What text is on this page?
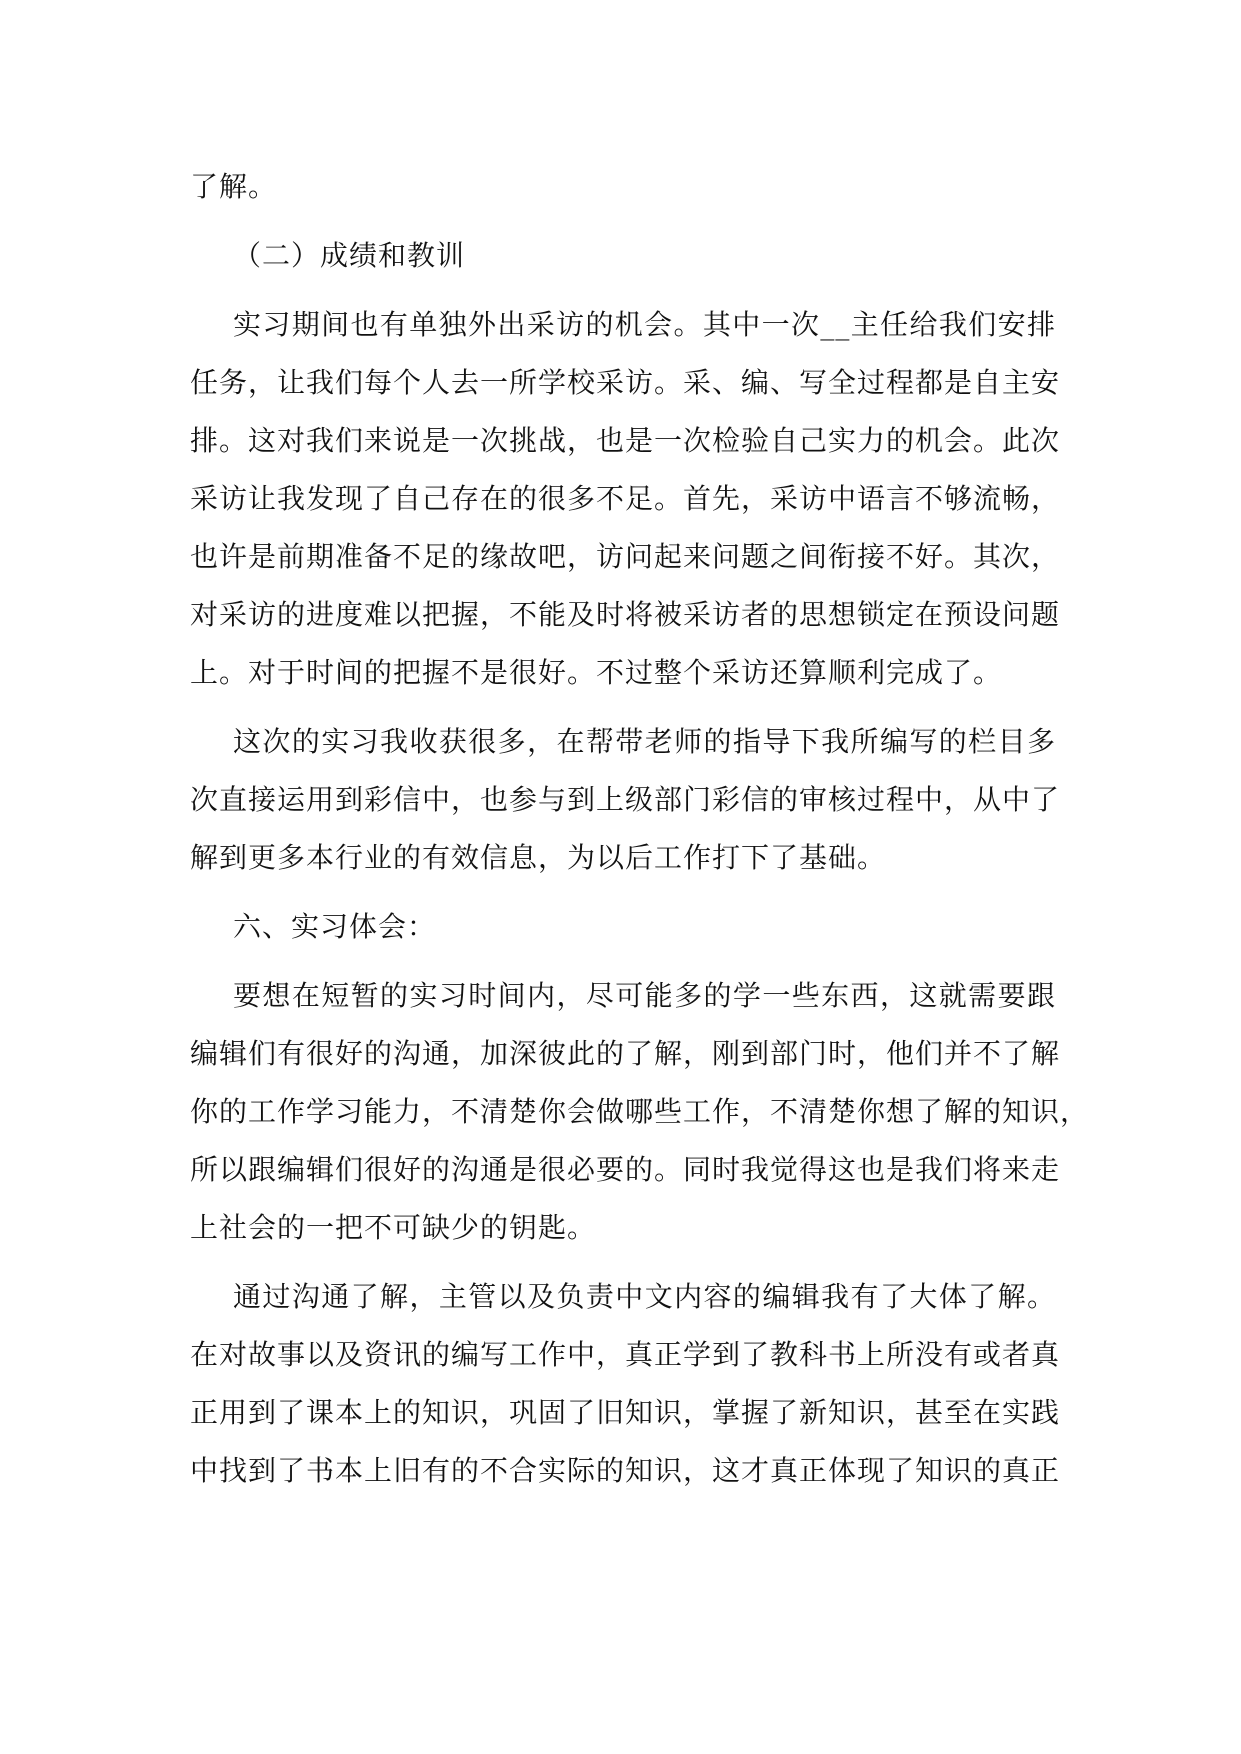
了解。
（二）成绩和教训
实习期间也有单独外出采访的机会。其中一次__主任给我们安排
任务，让我们每个人去一所学校采访。采、编、写全过程都是自主安
排。这对我们来说是一次挑战，也是一次检验自己实力的机会。此次
采访让我发现了自己存在的很多不足。首先，采访中语言不够流畅，
也许是前期准备不足的缘故吧，访问起来问题之间衔接不好。其次，
对采访的进度难以把握，不能及时将被采访者的思想锁定在预设问题
上。对于时间的把握不是很好。不过整个采访还算顺利完成了。
这次的实习我收获很多，在帮带老师的指导下我所编写的栏目多
次直接运用到彩信中，也参与到上级部门彩信的审核过程中，从中了
解到更多本行业的有效信息，为以后工作打下了基础。
六、实习体会：
要想在短暂的实习时间内，尽可能多的学一些东西，这就需要跟
编辑们有很好的沟通，加深彼此的了解，刚到部门时，他们并不了解
你的工作学习能力，不清楚你会做哪些工作，不清楚你想了解的知识，
所以跟编辑们很好的沟通是很必要的。同时我觉得这也是我们将来走
上社会的一把不可缺少的钥匙。
通过沟通了解，主管以及负责中文内容的编辑我有了大体了解。
在对故事以及资讯的编写工作中，真正学到了教科书上所没有或者真
正用到了课本上的知识，巩固了旧知识，掌握了新知识，甚至在实践
中找到了书本上旧有的不合实际的知识，这才真正体现了知识的真正
